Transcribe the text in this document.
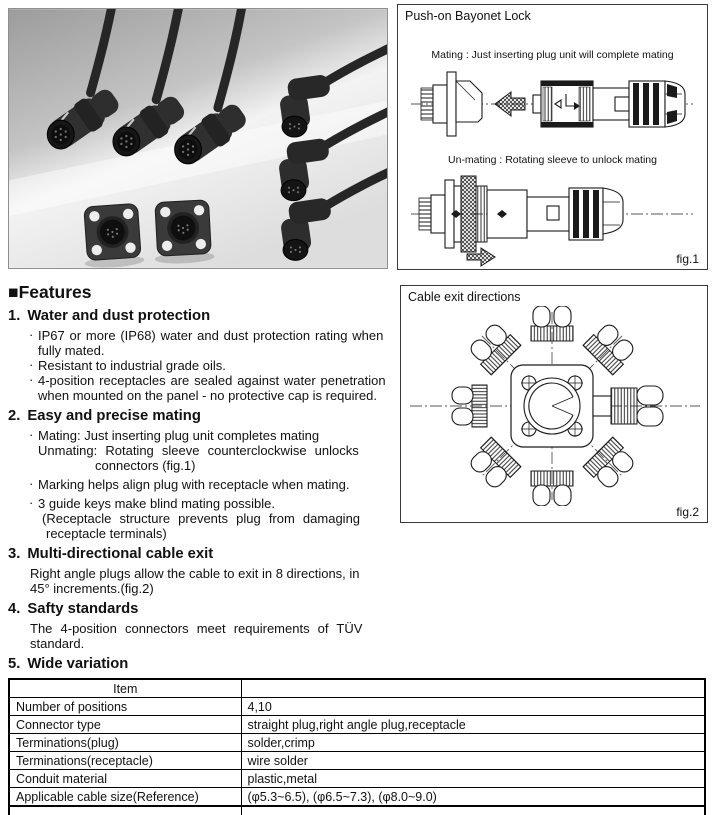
Push-on Bayonet Lock
Mating : Just inserting plug unit will complete mating
Un-mating : Rotating sleeve to unlock mating
fig.1
Cable exit directions
fig.2
■Features
1. Water and dust protection
· IP67 or more (IP68) water and dust protection rating when
fully mated.
· Resistant to industrial grade oils.
· 4-position receptacles are sealed against water penetration
when mounted on the panel - no protective cap is required.
2. Easy and precise mating
· Mating: Just inserting plug unit completes mating
Unmating: Rotating sleeve counterclockwise unlocks
connectors (fig.1)
· Marking helps align plug with receptacle when mating.
· 3 guide keys make blind mating possible.
(Receptacle structure prevents plug from damaging
receptacle terminals)
3. Multi-directional cable exit
Right angle plugs allow the cable to exit in 8 directions, in
45° increments.(fig.2)
4. Safty standards
The 4-position connectors meet requirements of TÜV
standard.
5. Wide variation
Item	
Number of positions	4,10
Connector type	straight plug,right angle plug,receptacle
Terminations(plug)	solder,crimp
Terminations(receptacle)	wire solder
Conduit material	plastic,metal
Applicable cable size(Reference)	(φ5.3~6.5), (φ6.5~7.3), (φ8.0~9.0)
